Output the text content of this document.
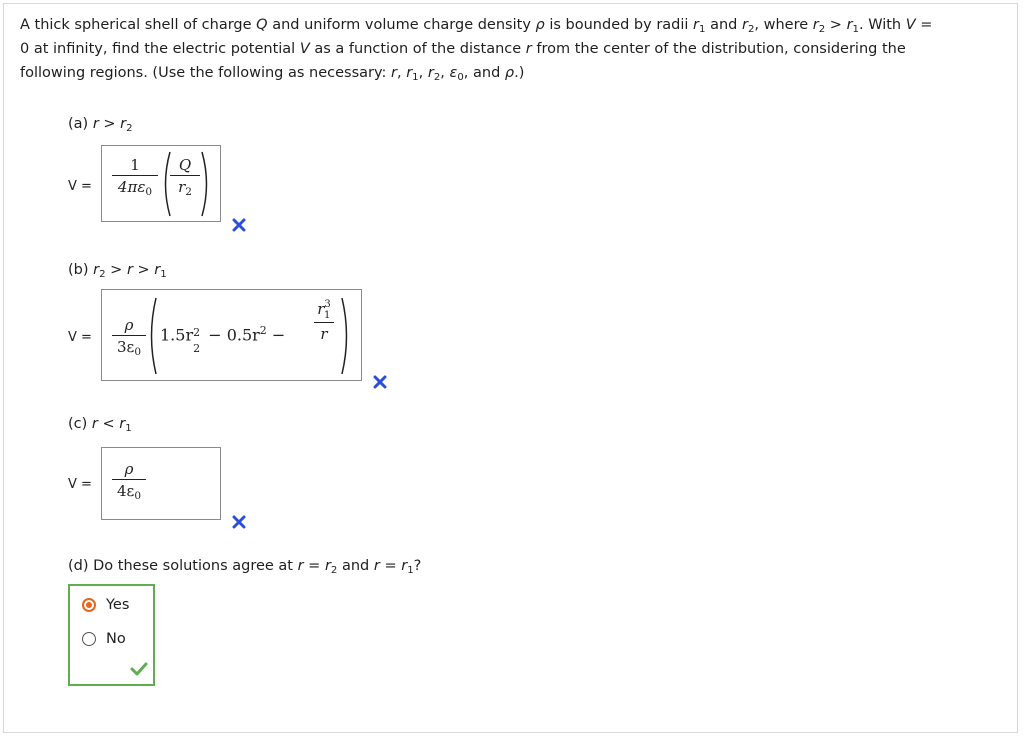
A thick spherical shell of charge Q and uniform volume charge density ρ is bounded by radii $r_1$ and $r_2$, where $r_2 > r_1$. With V =
0 at infinity, find the electric potential V as a function of the distance r from the center of the distribution, considering the
following regions. (Use the following as necessary: r, $r_1$, $r_2$, $\varepsilon_0$, and ρ.)
(a) $r > r_2$
V =
1
$4\pi\varepsilon_0$
Q
$r_2$
(b) $r_2 > r > r_1$
V =
ρ
$3\varepsilon_0$
1.5r 2
2
− $0.5r^2$ −
$r^3$
1
r
(c) $r < r_1$
V =
ρ
$4\varepsilon_0$
(d) Do these solutions agree at $r = r_2$ and $r = r_1$?
Yes
No
